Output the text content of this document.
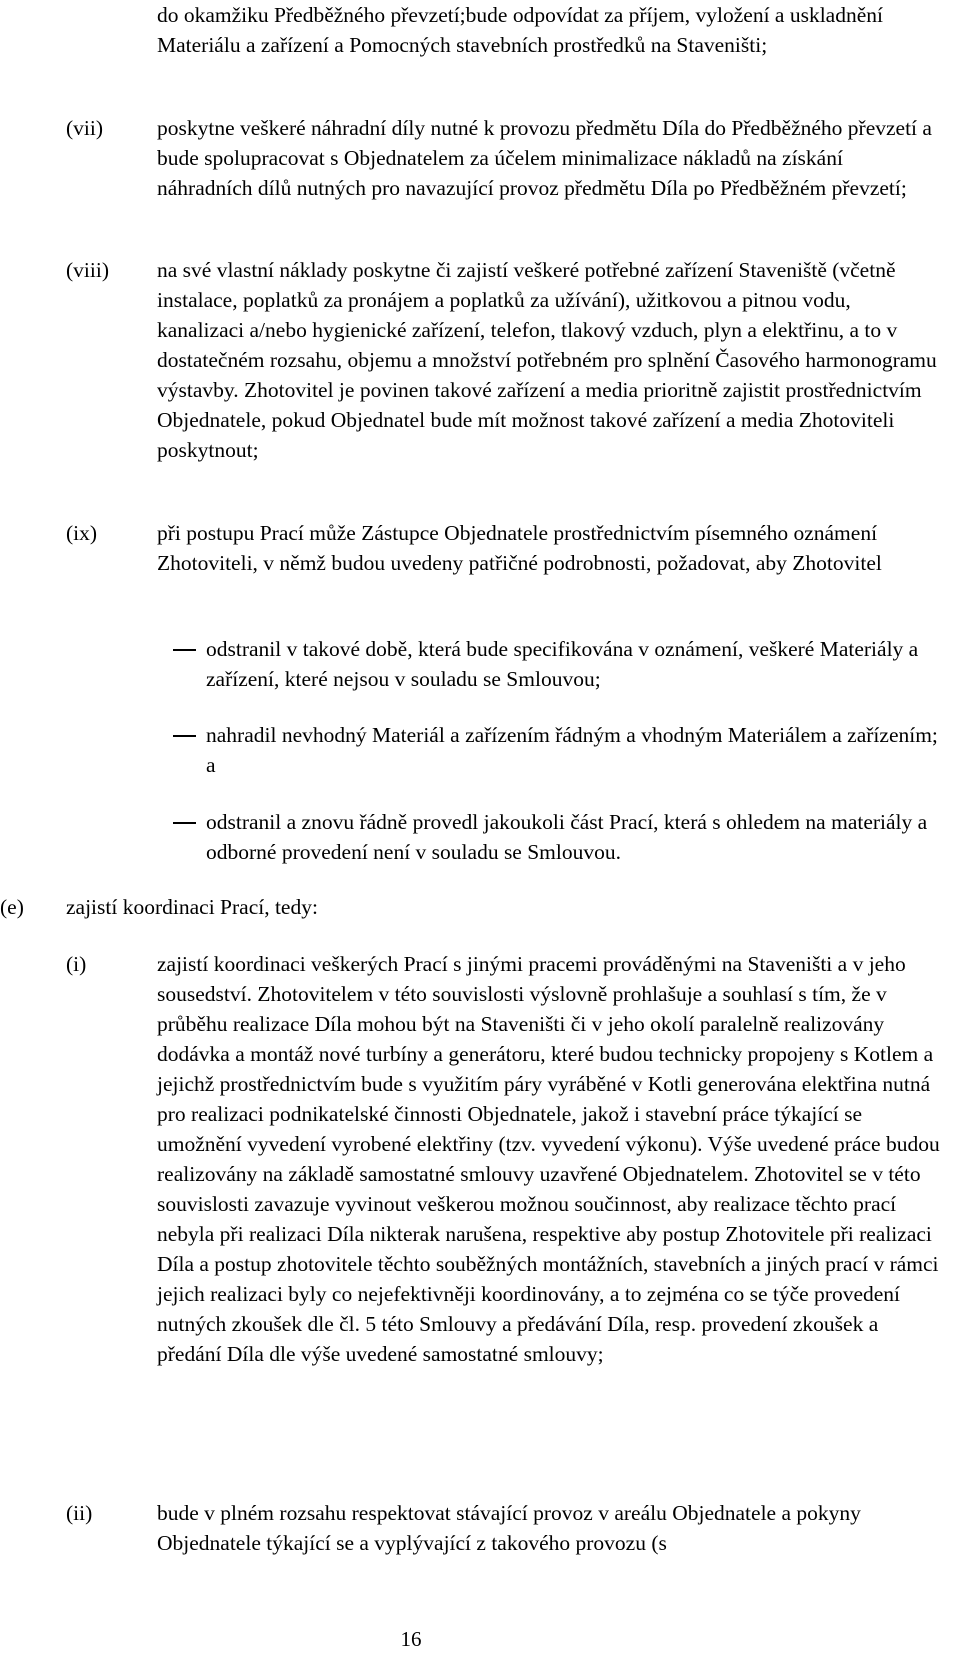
do okamžiku Předběžného převzetí;bude odpovídat za příjem, vyložení a uskladnění Materiálu a zařízení a Pomocných stavebních prostředků na Staveništi;
(vii)	poskytne veškeré náhradní díly nutné k provozu předmětu Díla do Předběžného převzetí a bude spolupracovat s Objednatelem za účelem minimalizace nákladů na získání náhradních dílů nutných pro navazující provoz předmětu Díla po Předběžném převzetí;
(viii) na své vlastní náklady poskytne či zajistí veškeré potřebné zařízení Staveniště (včetně instalace, poplatků za pronájem a poplatků za užívání), užitkovou a pitnou vodu, kanalizaci a/nebo hygienické zařízení, telefon, tlakový vzduch, plyn a elektřinu, a to v dostatečném rozsahu, objemu a množství potřebném pro splnění Časového harmonogramu výstavby. Zhotovitel je povinen takové zařízení a media prioritně zajistit prostřednictvím Objednatele, pokud Objednatel bude mít možnost takové zařízení a media Zhotoviteli poskytnout;
(ix)	při postupu Prací může Zástupce Objednatele prostřednictvím písemného oznámení Zhotoviteli, v němž budou uvedeny patřičné podrobnosti, požadovat, aby Zhotovitel
odstranil v takové době, která bude specifikována v oznámení, veškeré Materiály a zařízení, které nejsou v souladu se Smlouvou;
nahradil nevhodný Materiál a zařízením řádným a vhodným Materiálem a zařízením; a
odstranil a znovu řádně provedl jakoukoli část Prací, která s ohledem na materiály a odborné provedení není v souladu se Smlouvou.
(e) zajistí koordinaci Prací, tedy:
(i)	zajistí koordinaci veškerých Prací s jinými pracemi prováděnými na Staveništi a v jeho sousedství. Zhotovitelem v této souvislosti výslovně prohlašuje a souhlasí s tím, že v průběhu realizace Díla mohou být na Staveništi či v jeho okolí paralelně realizovány dodávka a montáž nové turbíny a generátoru, které budou technicky propojeny s Kotlem a jejichž prostřednictvím bude s využitím páry vyráběné v Kotli generována elektřina nutná pro realizaci podnikatelské činnosti Objednatele, jakož i stavební práce týkající se umožnění vyvedení vyrobené elektřiny (tzv. vyvedení výkonu). Výše uvedené práce budou realizovány na základě samostatné smlouvy uzavřené Objednatelem. Zhotovitel se v této souvislosti zavazuje vyvinout veškerou možnou součinnost, aby realizace těchto prací nebyla při realizaci Díla nikterak narušena, respektive aby postup Zhotovitele při realizaci Díla a postup zhotovitele těchto souběžných montážních, stavebních a jiných prací v rámci jejich realizaci byly co nejefektivněji koordinovány, a to zejména co se týče provedení nutných zkoušek dle čl. 5 této Smlouvy a předávání Díla, resp. provedení zkoušek a předání Díla dle výše uvedené samostatné smlouvy;
(ii)	bude v plném rozsahu respektovat stávající provoz v areálu Objednatele a pokyny Objednatele týkající se a vyplývající z takového provozu (s
16
